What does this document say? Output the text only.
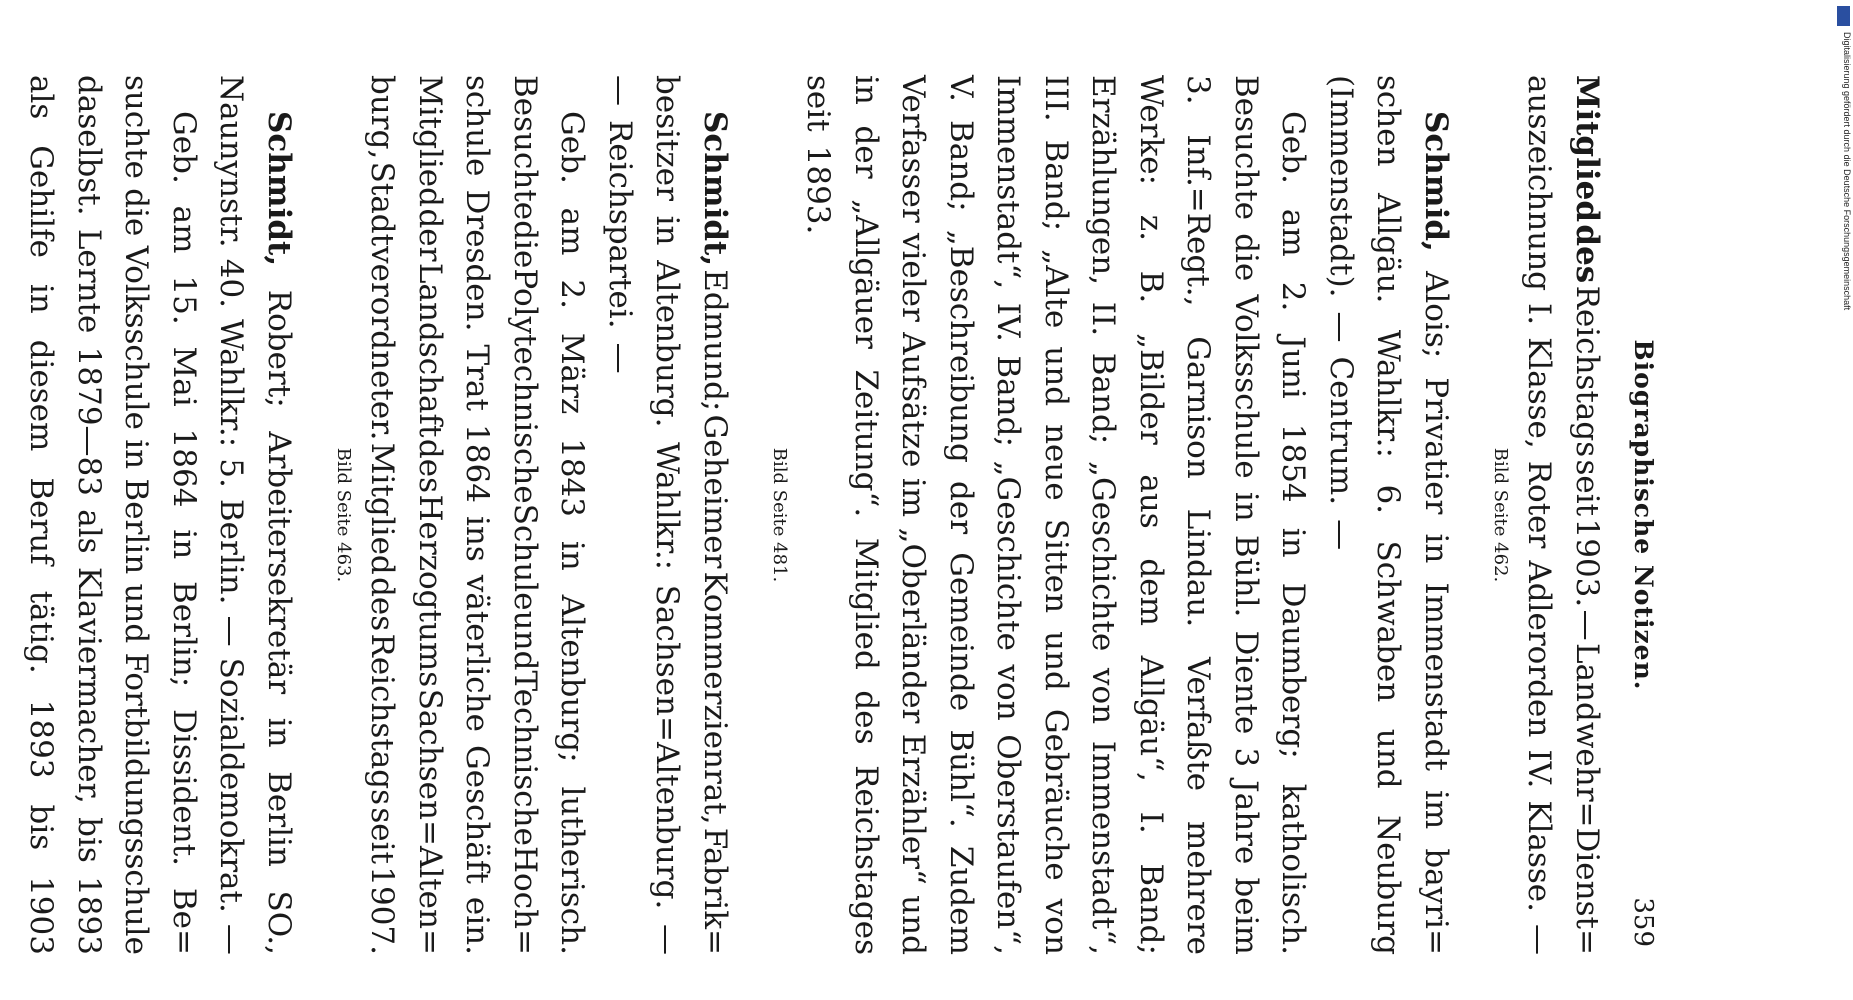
Biographische Notizen.
359
Mitglied
des
Reichstags
seit
1903.
—
Landwehr=Dienst=
auszeichnung
I.
Klasse,
Roter
Adlerorden
IV.
Klasse.
—
Bild Seite 462.
Schmid,
Alois;
Privatier
in
Immenstadt
im
bayri=
schen
Allgäu.
Wahlkr.:
6.
Schwaben
und
Neuburg
(Immenstadt).
—
Centrum.
—
Geb.
am
2.
Juni
1854
in
Daumberg;
katholisch.
Besuchte
die
Volksschule
in
Bühl.
Diente
3
Jahre
beim
3.
Inf.=Regt.,
Garnison
Lindau.
Verfaßte
mehrere
Werke:
z.
B.
„Bilder
aus
dem
Allgäu“,
I.
Band;
Erzählungen,
II.
Band;
„Geschichte
von
Immenstadt“,
III.
Band;
„Alte
und
neue
Sitten
und
Gebräuche
von
Immenstadt“,
IV.
Band;
„Geschichte
von
Oberstaufen“,
V.
Band;
„Beschreibung
der
Gemeinde
Bühl“.
Zudem
Verfasser
vieler
Aufsätze
im
„Oberländer
Erzähler“
und
in
der
„Allgäuer
Zeitung“.
Mitglied
des
Reichstages
seit
1893.
Bild Seite 481.
Schmidt,
Edmund;
Geheimer
Kommerzienrat,
Fabrik=
besitzer
in
Altenburg.
Wahlkr.:
Sachsen=Altenburg.
—
—
Reichspartei.
—
Geb.
am
2.
März
1843
in
Altenburg;
lutherisch.
Besuchte
die
Polytechnische
Schule
und
Technische
Hoch=
schule
Dresden.
Trat
1864
ins
väterliche
Geschäft
ein.
Mitglied
der
Landschaft
des
Herzogtums
Sachsen=Alten=
burg,
Stadtverordneter.
Mitglied
des
Reichstags
seit
1907.
Bild Seite 463.
Schmidt,
Robert;
Arbeitersekretär
in
Berlin
SO.,
Naunynstr.
40.
Wahlkr.:
5.
Berlin.
—
Sozialdemokrat.
—
Geb.
am
15.
Mai
1864
in
Berlin;
Dissident.
Be=
suchte
die
Volksschule
in
Berlin
und
Fortbildungsschule
daselbst.
Lernte
1879—83
als
Klaviermacher,
bis
1893
als
Gehilfe
in
diesem
Beruf
tätig.
1893
bis
1903
Digitalisierung gefördert durch die Deutsche Forschungsgemeinschaft
